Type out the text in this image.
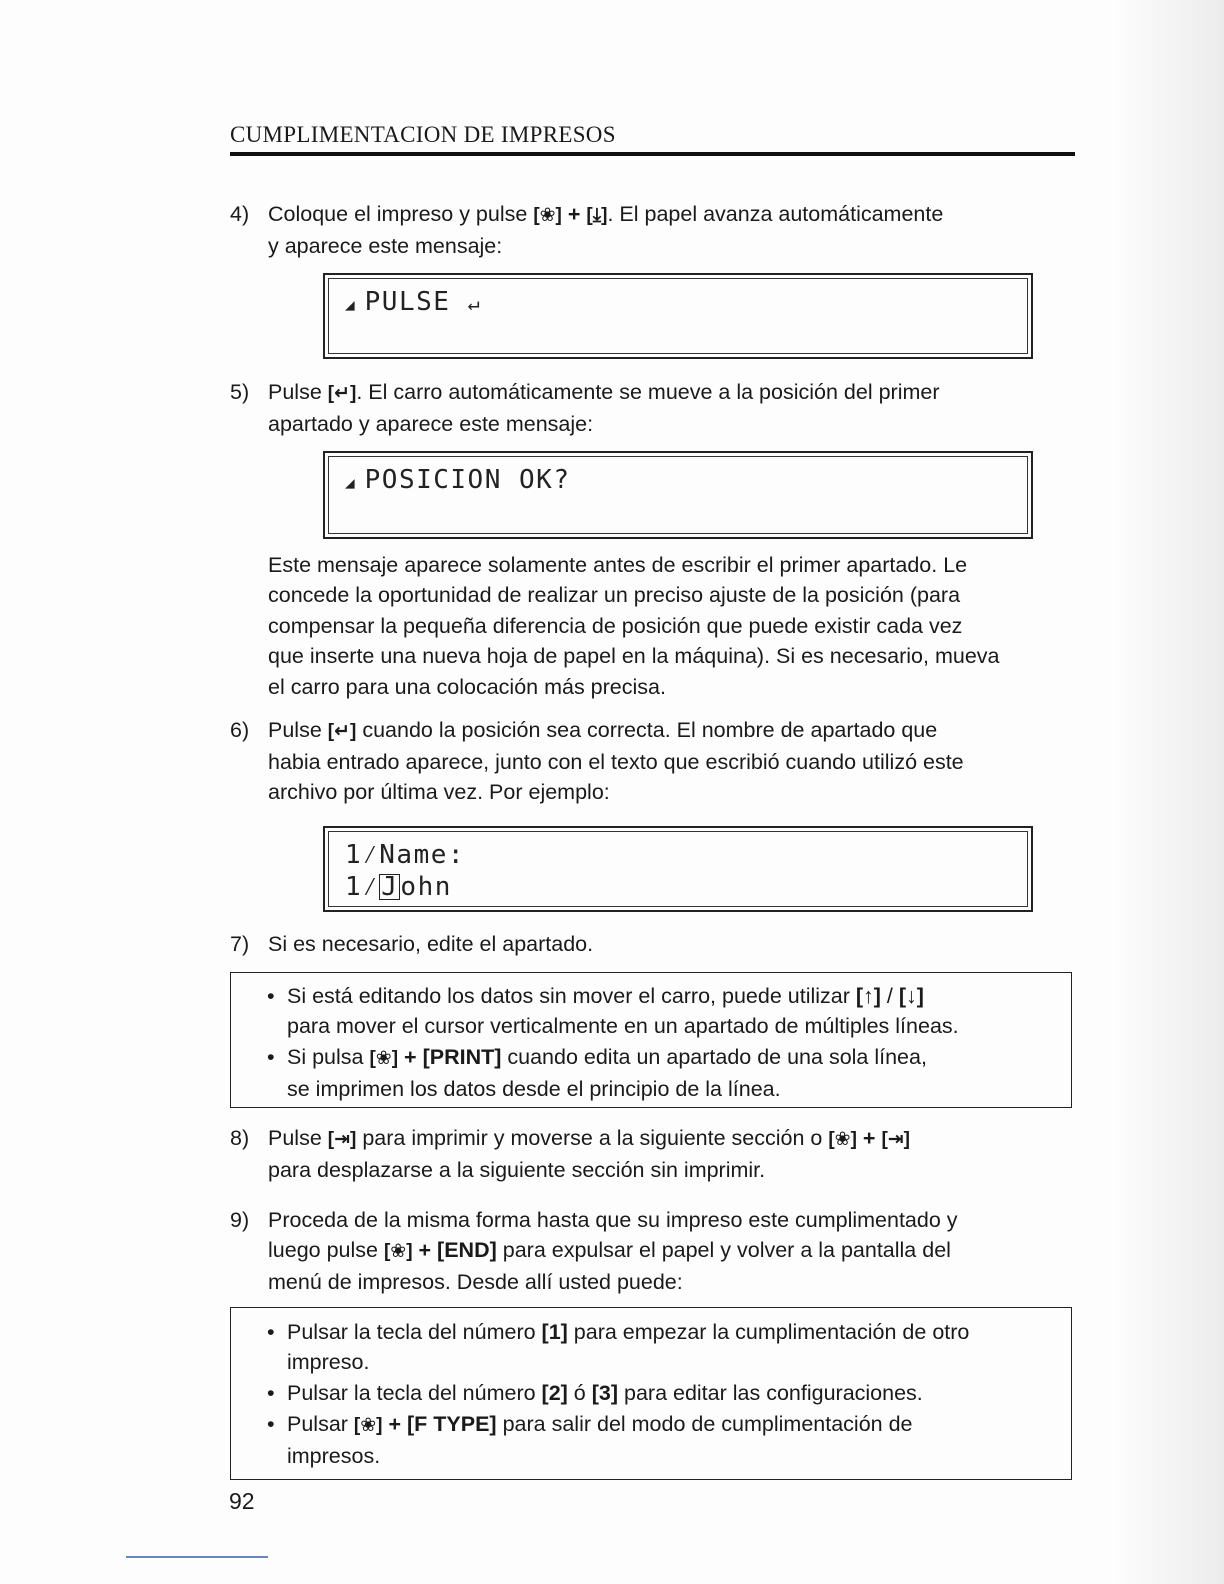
CUMPLIMENTACION DE IMPRESOS
4) Coloque el impreso y pulse [❀] + [⤓]. El papel avanza automáticamente
y aparece este mensaje:
◢ PULSE ↵
5) Pulse [↵]. El carro automáticamente se mueve a la posición del primer
apartado y aparece este mensaje:
◢ POSICION OK?
Este mensaje aparece solamente antes de escribir el primer apartado. Le
concede la oportunidad de realizar un preciso ajuste de la posición (para
compensar la pequeña diferencia de posición que puede existir cada vez
que inserte una nueva hoja de papel en la máquina). Si es necesario, mueva
el carro para una colocación más precisa.
6) Pulse [↵] cuando la posición sea correcta. El nombre de apartado que
habia entrado aparece, junto con el texto que escribió cuando utilizó este
archivo por última vez. Por ejemplo:
1⁄Name:
1⁄John
7) Si es necesario, edite el apartado.
• Si está editando los datos sin mover el carro, puede utilizar [↑] / [↓]
para mover el cursor verticalmente en un apartado de múltiples líneas.
• Si pulsa [❀] + [PRINT] cuando edita un apartado de una sola línea,
se imprimen los datos desde el principio de la línea.
8) Pulse [⇥] para imprimir y moverse a la siguiente sección o [❀] + [⇥]
para desplazarse a la siguiente sección sin imprimir.
9) Proceda de la misma forma hasta que su impreso este cumplimentado y
luego pulse [❀] + [END] para expulsar el papel y volver a la pantalla del
menú de impresos. Desde allí usted puede:
• Pulsar la tecla del número [1] para empezar la cumplimentación de otro
impreso.
• Pulsar la tecla del número [2] ó [3] para editar las configuraciones.
• Pulsar [❀] + [F TYPE] para salir del modo de cumplimentación de
impresos.
92
